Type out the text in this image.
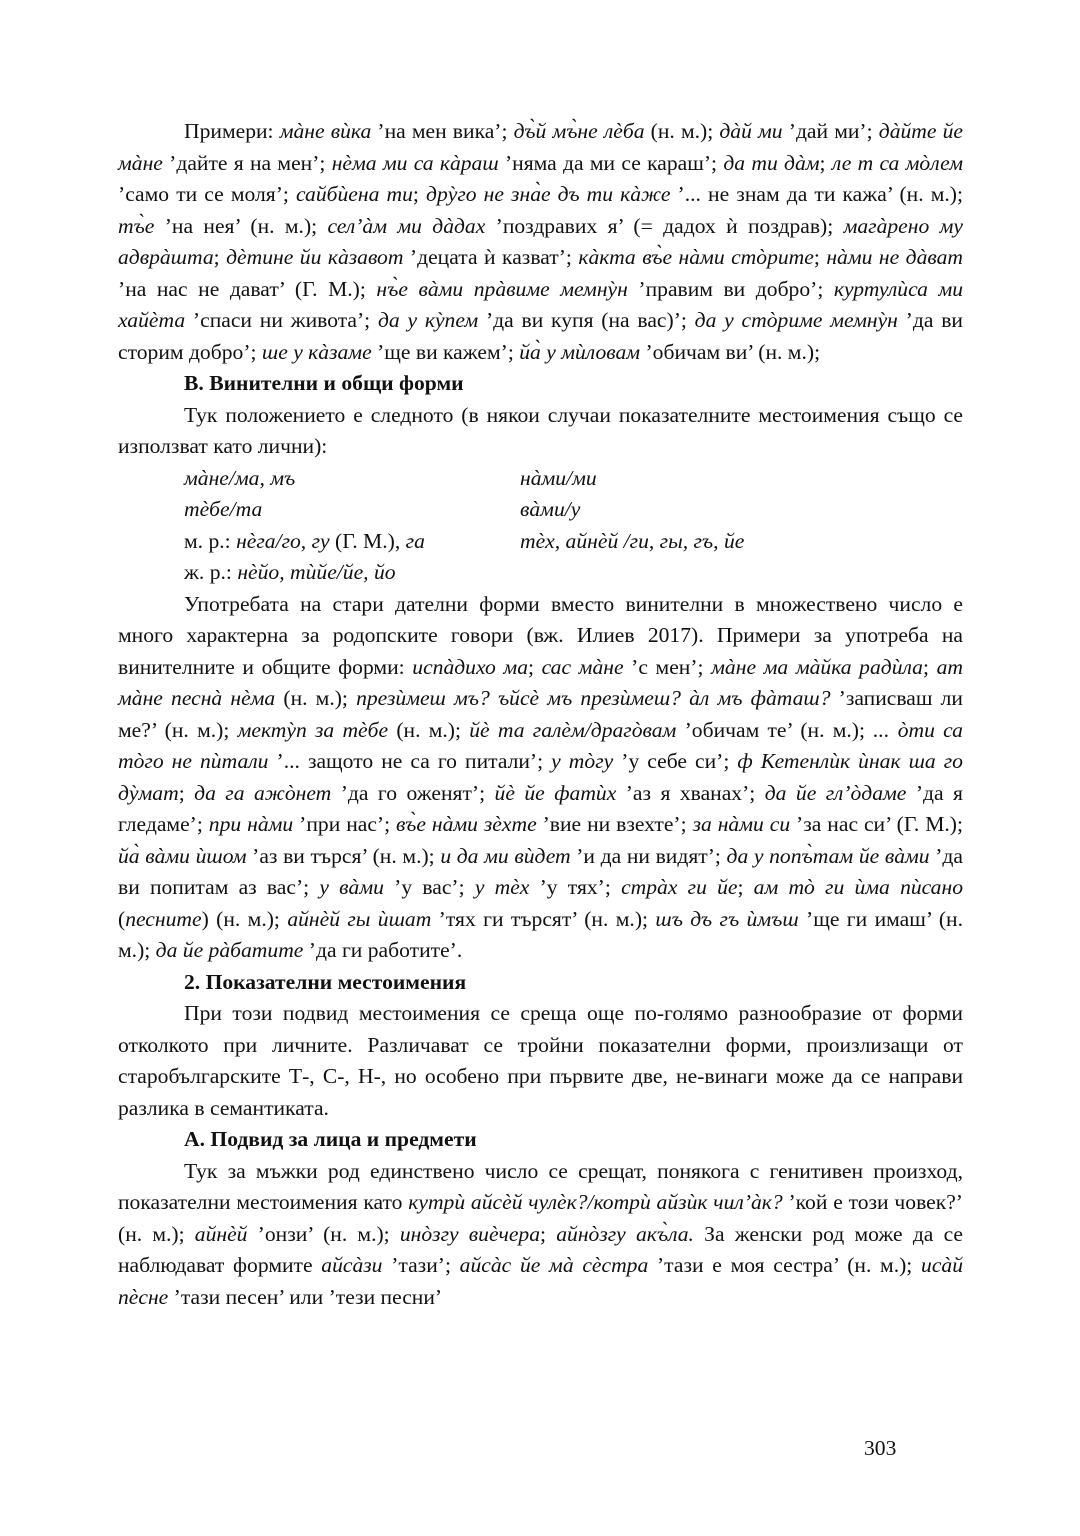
Примери: мàне вѝка ’на мен вика’; дъ̀й мъ̀не лѐба (н. м.); дàй ми ’дай ми’; дàйте йе мàне ’дайте я на мен’; нѐма ми са кàраш ’няма да ми се караш’; да ти дàм; ле т са мòлем ’само ти се моля’; сайбѝена ти; дрỳго не зна̀е дъ ти кàже ’... не знам да ти кажа’ (н. м.); тъ̀е ’на нея’ (н. м.); сел’àм ми дàдах ’поздравих я’ (= дадох ѝ поздрав); магàрено му адврàшта; дѐтине йи кàзавот ’децата ѝ казват’; кàкта въ̀е нàми стòрите; нàми не дàват ’на нас не дават’ (Г. М.); нъ̀е вàми прàвиме мемнỳн ’правим ви добро’; куртулѝса ми хайѐта ’спаси ни живота’; да у кỳпем ’да ви купя (на вас)’; да у стòриме мемнỳн ’да ви сторим добро’; ше у кàзаме ’ще ви кажем’; йа̀ у мѝловам ’обичам ви’ (н. м.);

В. Винителни и общи форми

Тук положението е следното (в някои случаи показателните местоимения също се използват като лични):

мàне/ма, мъ	нàми/ми
тѐбе/та	вàми/у
м. р.: нѐга/го, гу (Г. М.), га	тѐх, айнѐй /ги, гы, гъ, йе
ж. р.: нѐйо, тѝйе/йе, йо

Употребата на стари дателни форми вместо винителни в множествено число е много характерна за родопските говори (вж. Илиев 2017). Примери за употреба на винителните и общите форми: испàдихо ма; сас мàне ’с мен’; мàне ма мàйка радѝла; ат мàне песнà нѐма (н. м.); презѝмеш мъ? ъйсѐ мъ презѝмеш? àл мъ фàташ? ’записваш ли ме?’ (н. м.); мектỳп за тѐбе (н. м.); йѐ та галѐм/драгòвам ’обичам те’ (н. м.); ... òти са тòго не пѝтали ’... защото не са го питали’; у тòгу ’у себе си’; ф Кетенлѝк ѝнак ша го дỳмат; да га ажòнет ’да го оженят’; йѐ йе фатѝх ’аз я хванах’; да йе гл’òдаме ’да я гледаме’; при нàми ’при нас’; въ̀е нàми зѐхте ’вие ни взехте’; за нàми си ’за нас си’ (Г. М.); йа̀ вàми ѝшом ’аз ви търся’ (н. м.); и да ми вѝдет ’и да ни видят’; да у попъ̀там йе вàми ’да ви попитам аз вас’; у вàми ’у вас’; у тѐх ’у тях’; стрàх ги йе; ам тò ги ѝма пѝсано (песните) (н. м.); айнѐй гы ѝшат ’тях ги търсят’ (н. м.); шъ дъ гъ ѝмъш ’ще ги имаш’ (н. м.); да йе рàбатите ’да ги работите’.

2. Показателни местоимения

При този подвид местоимения се среща още по-голямо разнообразие от форми отколкото при личните. Различават се тройни показателни форми, произлизащи от старобългарските Т-, С-, Н-, но особено при първите две, не-винаги може да се направи разлика в семантиката.

А. Подвид за лица и предмети

Тук за мъжки род единствено число се срещат, понякога с генитивен произход, показателни местоимения като кутрѝ айсѐй чулѐк?/котрѝ айзѝк чил’àк? ’кой е този човек?’ (н. м.); айнѐй ’онзи’ (н. м.); инòзгу виѐчера; айнòзгу акъ̀ла. За женски род може да се наблюдават формите айсàзи ’тази’; айсàс йе мà сѐстра ’тази е моя сестра’ (н. м.); исàй пѐсне ’тази песен’ или ’тези песни’

303
